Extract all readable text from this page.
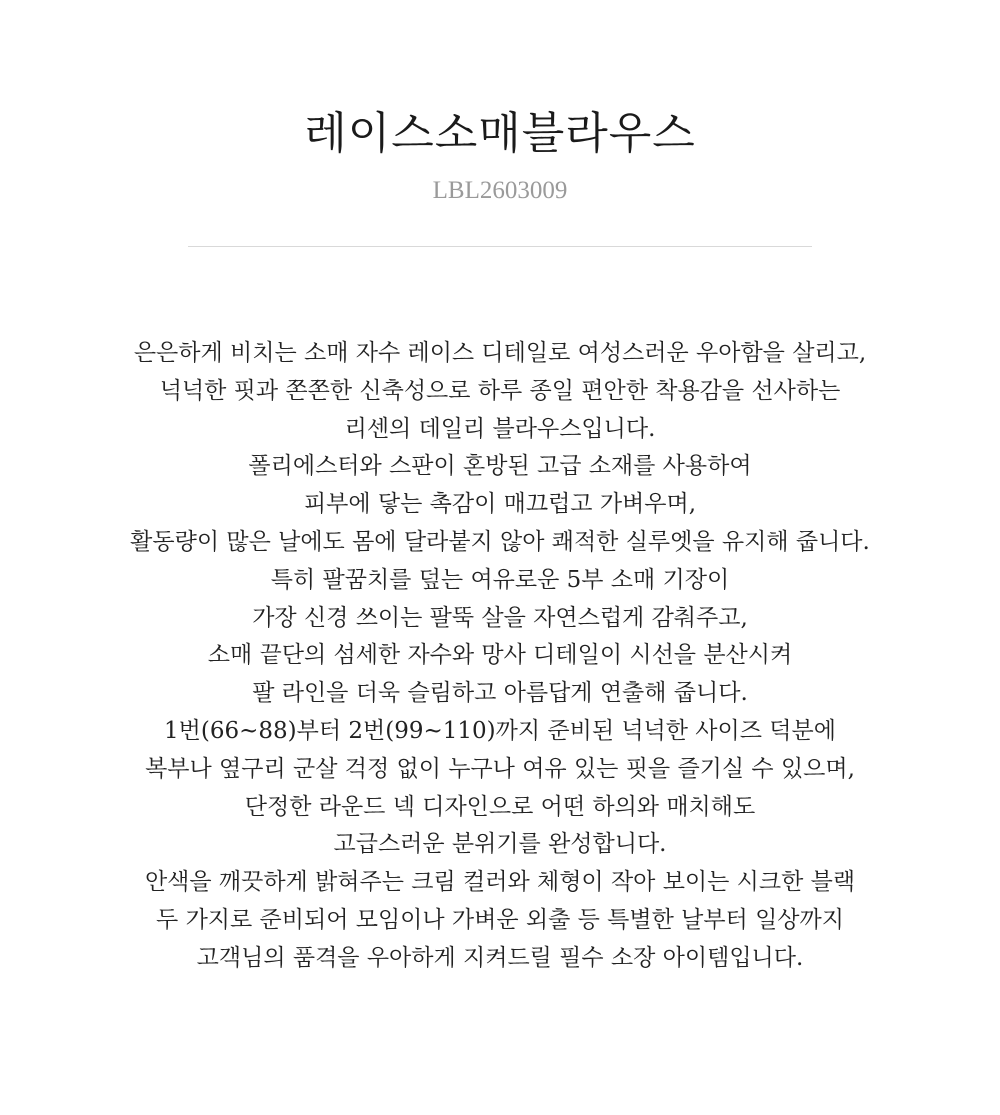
레이스소매블라우스
LBL2603009
은은하게 비치는 소매 자수 레이스 디테일로 여성스러운 우아함을 살리고,
넉넉한 핏과 쫀쫀한 신축성으로 하루 종일 편안한 착용감을 선사하는
리센의 데일리 블라우스입니다.
폴리에스터와 스판이 혼방된 고급 소재를 사용하여
피부에 닿는 촉감이 매끄럽고 가벼우며,
활동량이 많은 날에도 몸에 달라붙지 않아 쾌적한 실루엣을 유지해 줍니다.
특히 팔꿈치를 덮는 여유로운 5부 소매 기장이
가장 신경 쓰이는 팔뚝 살을 자연스럽게 감춰주고,
소매 끝단의 섬세한 자수와 망사 디테일이 시선을 분산시켜
팔 라인을 더욱 슬림하고 아름답게 연출해 줍니다.
1번(66~88)부터 2번(99~110)까지 준비된 넉넉한 사이즈 덕분에
복부나 옆구리 군살 걱정 없이 누구나 여유 있는 핏을 즐기실 수 있으며,
단정한 라운드 넥 디자인으로 어떤 하의와 매치해도
고급스러운 분위기를 완성합니다.
안색을 깨끗하게 밝혀주는 크림 컬러와 체형이 작아 보이는 시크한 블랙
두 가지로 준비되어 모임이나 가벼운 외출 등 특별한 날부터 일상까지
고객님의 품격을 우아하게 지켜드릴 필수 소장 아이템입니다.
